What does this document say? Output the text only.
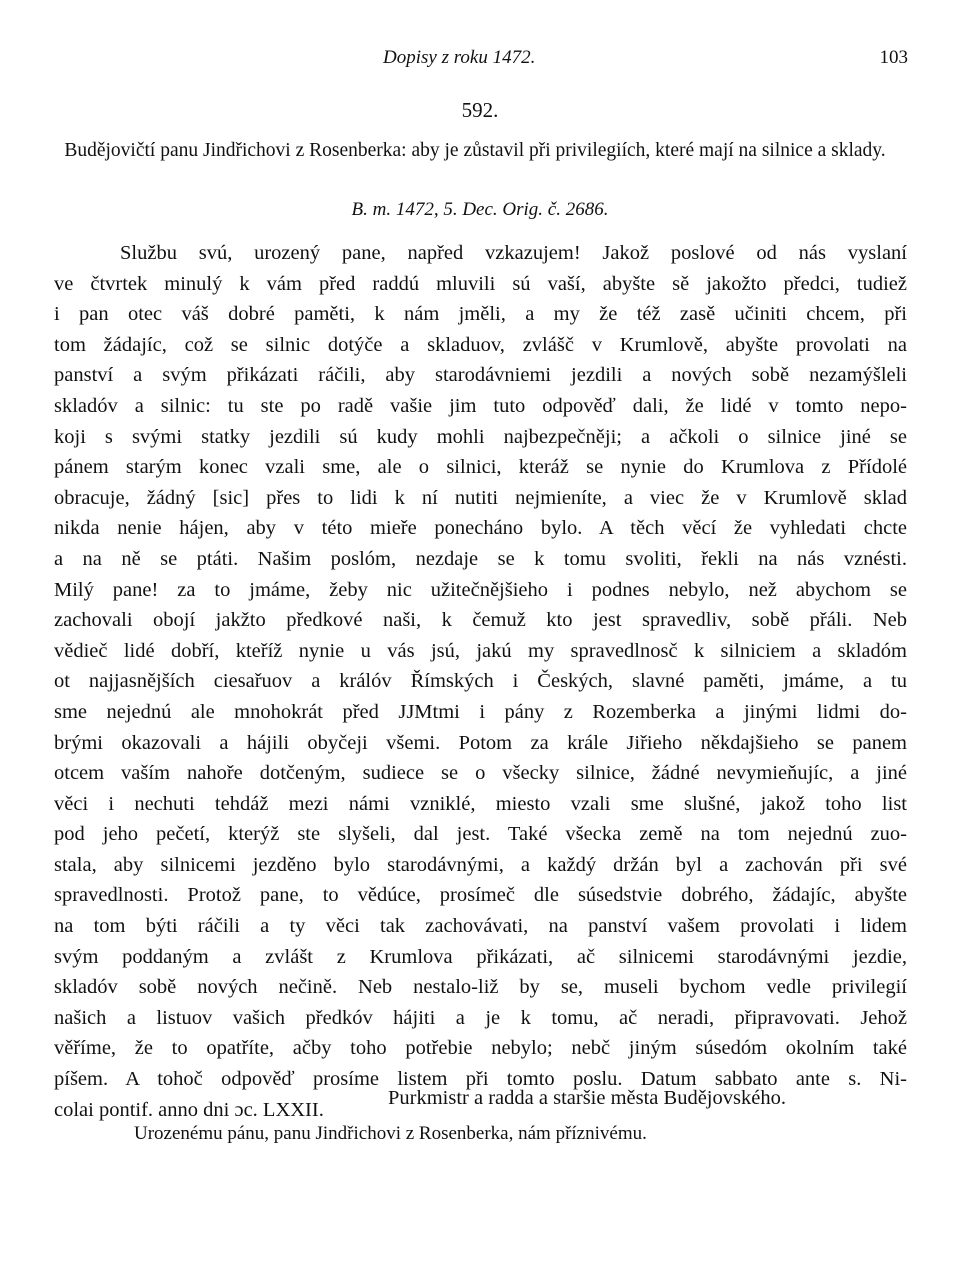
Dopisy z roku 1472.	103
592.
Budějovičtí panu Jindřichovi z Rosenberka: aby je zůstavil při privilegiích, které mají na silnice a sklady.
B. m. 1472, 5. Dec. Orig. č. 2686.
Službu svú, urozený pane, napřed vzkazujem! Jakož poslové od nás vyslaní
ve čtvrtek minulý k vám před raddú mluvili sú vaší, abyšte sě jakožto předci, tudiež
i pan otec váš dobré paměti, k nám jměli, a my že též zasě učiniti chcem, při
tom žádajíc, což se silnic dotýče a skladuov, zvlášč v Krumlově, abyšte provolati na
panství a svým přikázati ráčili, aby starodávniemi jezdili a nových sobě nezamýšleli
skladóv a silnic: tu ste po radě vašie jim tuto odpověď dali, že lidé v tomto nepo-
koji s svými statky jezdili sú kudy mohli najbezpečněji; a ačkoli o silnice jiné se
pánem starým konec vzali sme, ale o silnici, kteráž se nynie do Krumlova z Přídolé
obracuje, žádný [sic] přes to lidi k ní nutiti nejmieníte, a viec že v Krumlově sklad
nikda nenie hájen, aby v této mieře ponecháno bylo. A těch věcí že vyhledati chcte
a na ně se ptáti. Našim poslóm, nezdaje se k tomu svoliti, řekli na nás vznésti.
Milý pane! za to jmáme, žeby nic užitečnějšieho i podnes nebylo, než abychom se
zachovali obojí jakžto předkové naši, k čemuž kto jest spravedliv, sobě přáli. Neb
vědieč lidé dobří, kteříž nynie u vás jsú, jakú my spravedlnosč k silniciem a skladóm
ot najjasnějších ciesařuov a králóv Římských i Českých, slavné paměti, jmáme, a tu
sme nejednú ale mnohokrát před JJMtmi i pány z Rozemberka a jinými lidmi do-
brými okazovali a hájili obyčeji všemi. Potom za krále Jiřieho někdajšieho se panem
otcem vaším nahoře dotčeným, sudiece se o všecky silnice, žádné nevymieňujíc, a jiné
věci i nechuti tehdáž mezi námi vzniklé, miesto vzali sme slušné, jakož toho list
pod jeho pečetí, kterýž ste slyšeli, dal jest. Také všecka země na tom nejednú zuo-
stala, aby silnicemi jezděno bylo starodávnými, a každý držán byl a zachován při své
spravedlnosti. Protož pane, to vědúce, prosímeč dle súsedstvie dobrého, žádajíc, abyšte
na tom býti ráčili a ty věci tak zachovávati, na panství vašem provolati i lidem
svým poddaným a zvlášt z Krumlova přikázati, ač silnicemi starodávnými jezdie,
skladóv sobě nových nečině. Neb nestalo-liž by se, museli bychom vedle privilegií
našich a listuov vašich předkóv hájiti a je k tomu, ač neradi, připravovati. Jehož
věříme, že to opatříte, ačby toho potřebie nebylo; nebč jiným súsedóm okolním také
píšem. A tohoč odpověď prosíme listem při tomto poslu. Datum sabbato ante s. Ni-
colai pontif. anno dni ɔc. LXXII.
Purkmistr a radda a staršie města Budějovského.
Urozenému pánu, panu Jindřichovi z Rosenberka, nám příznivému.
